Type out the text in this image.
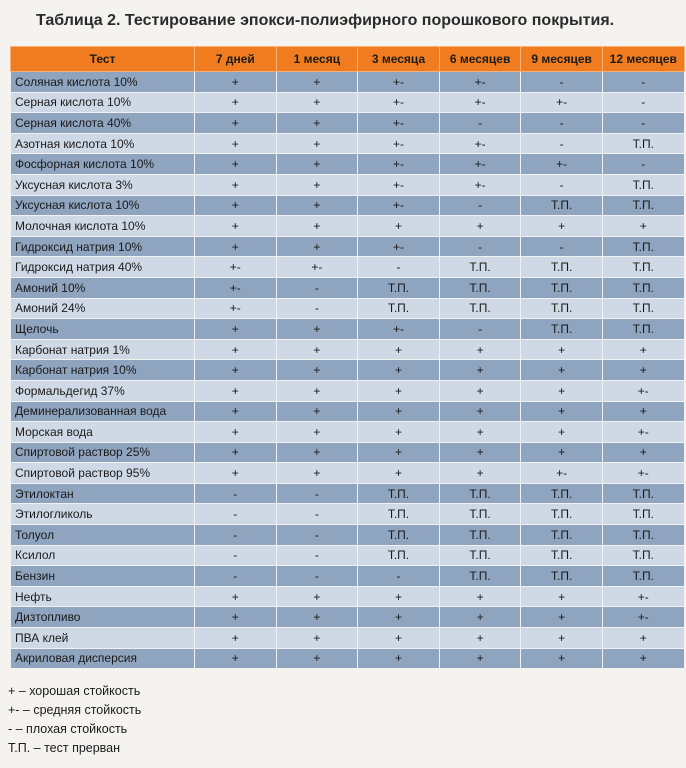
Таблица 2. Тестирование эпокси-полиэфирного порошкового покрытия.
Тест	7 дней	1 месяц	3 месяца	6 месяцев	9 месяцев	12 месяцев
Соляная кислота 10%	+	+	+-	+-	-	-
Серная кислота 10%	+	+	+-	+-	+-	-
Серная кислота 40%	+	+	+-	-	-	-
Азотная кислота 10%	+	+	+-	+-	-	Т.П.
Фосфорная кислота 10%	+	+	+-	+-	+-	-
Уксусная кислота 3%	+	+	+-	+-	-	Т.П.
Уксусная кислота 10%	+	+	+-	-	Т.П.	Т.П.
Молочная кислота 10%	+	+	+	+	+	+
Гидроксид натрия 10%	+	+	+-	-	-	Т.П.
Гидроксид натрия 40%	+-	+-	-	Т.П.	Т.П.	Т.П.
Амоний 10%	+-	-	Т.П.	Т.П.	Т.П.	Т.П.
Амоний 24%	+-	-	Т.П.	Т.П.	Т.П.	Т.П.
Щелочь	+	+	+-	-	Т.П.	Т.П.
Карбонат натрия 1%	+	+	+	+	+	+
Карбонат натрия 10%	+	+	+	+	+	+
Формальдегид 37%	+	+	+	+	+	+-
Деминерализованная вода	+	+	+	+	+	+
Морская вода	+	+	+	+	+	+-
Спиртовой раствор 25%	+	+	+	+	+	+
Спиртовой раствор 95%	+	+	+	+	+-	+-
Этилоктан	-	-	Т.П.	Т.П.	Т.П.	Т.П.
Этилогликоль	-	-	Т.П.	Т.П.	Т.П.	Т.П.
Толуол	-	-	Т.П.	Т.П.	Т.П.	Т.П.
Ксилол	-	-	Т.П.	Т.П.	Т.П.	Т.П.
Бензин	-	-	-	Т.П.	Т.П.	Т.П.
Нефть	+	+	+	+	+	+-
Дизтопливо	+	+	+	+	+	+-
ПВА клей	+	+	+	+	+	+
Акриловая дисперсия	+	+	+	+	+	+
+ – хорошая стойкость
+- – средняя стойкость
- – плохая стойкость
Т.П. – тест прерван
